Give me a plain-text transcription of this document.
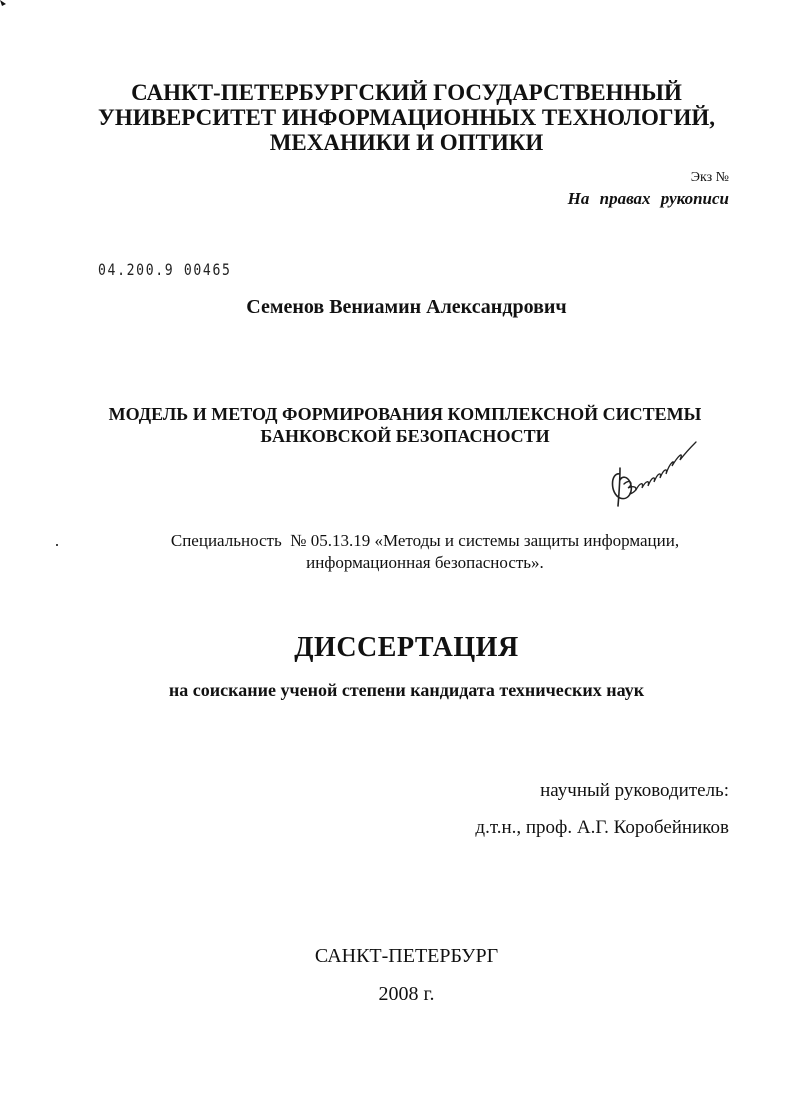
САНКТ-ПЕТЕРБУРГСКИЙ ГОСУДАРСТВЕННЫЙ
УНИВЕРСИТЕТ ИНФОРМАЦИОННЫХ ТЕХНОЛОГИЙ,
МЕХАНИКИ И ОПТИКИ
Экз №
На правах рукописи
04.200.9 00465
Семенов Вениамин Александрович
МОДЕЛЬ И МЕТОД ФОРМИРОВАНИЯ КОМПЛЕКСНОЙ СИСТЕМЫ
БАНКОВСКОЙ БЕЗОПАСНОСТИ
Специальность  № 05.13.19 «Методы и системы защиты информации,
информационная безопасность».
ДИССЕРТАЦИЯ
на соискание ученой степени кандидата технических наук
научный руководитель:
д.т.н., проф. А.Г. Коробейников
САНКТ-ПЕТЕРБУРГ
2008 г.
